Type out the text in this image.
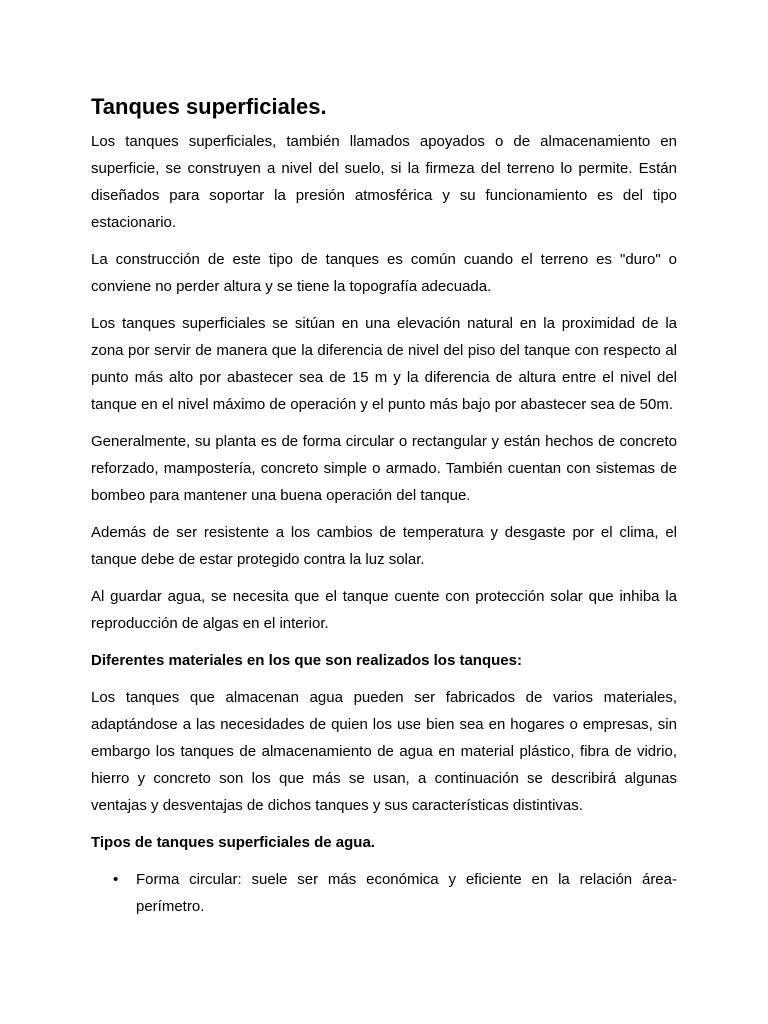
Tanques superficiales.

Los tanques superficiales, también llamados apoyados o de almacenamiento en superficie, se construyen a nivel del suelo, si la firmeza del terreno lo permite. Están diseñados para soportar la presión atmosférica y su funcionamiento es del tipo estacionario.

La construcción de este tipo de tanques es común cuando el terreno es "duro" o conviene no perder altura y se tiene la topografía adecuada.

Los tanques superficiales se sitúan en una elevación natural en la proximidad de la zona por servir de manera que la diferencia de nivel del piso del tanque con respecto al punto más alto por abastecer sea de 15 m y la diferencia de altura entre el nivel del tanque en el nivel máximo de operación y el punto más bajo por abastecer sea de 50m.

Generalmente, su planta es de forma circular o rectangular y están hechos de concreto reforzado, mampostería, concreto simple o armado. También cuentan con sistemas de bombeo para mantener una buena operación del tanque.

Además de ser resistente a los cambios de temperatura y desgaste por el clima, el tanque debe de estar protegido contra la luz solar.

Al guardar agua, se necesita que el tanque cuente con protección solar que inhiba la reproducción de algas en el interior.

Diferentes materiales en los que son realizados los tanques:

Los tanques que almacenan agua pueden ser fabricados de varios materiales, adaptándose a las necesidades de quien los use bien sea en hogares o empresas, sin embargo los tanques de almacenamiento de agua en material plástico, fibra de vidrio, hierro y concreto son los que más se usan, a continuación se describirá algunas ventajas y desventajas de dichos tanques y sus características distintivas.

Tipos de tanques superficiales de agua.

• Forma circular: suele ser más económica y eficiente en la relación área-perímetro.
